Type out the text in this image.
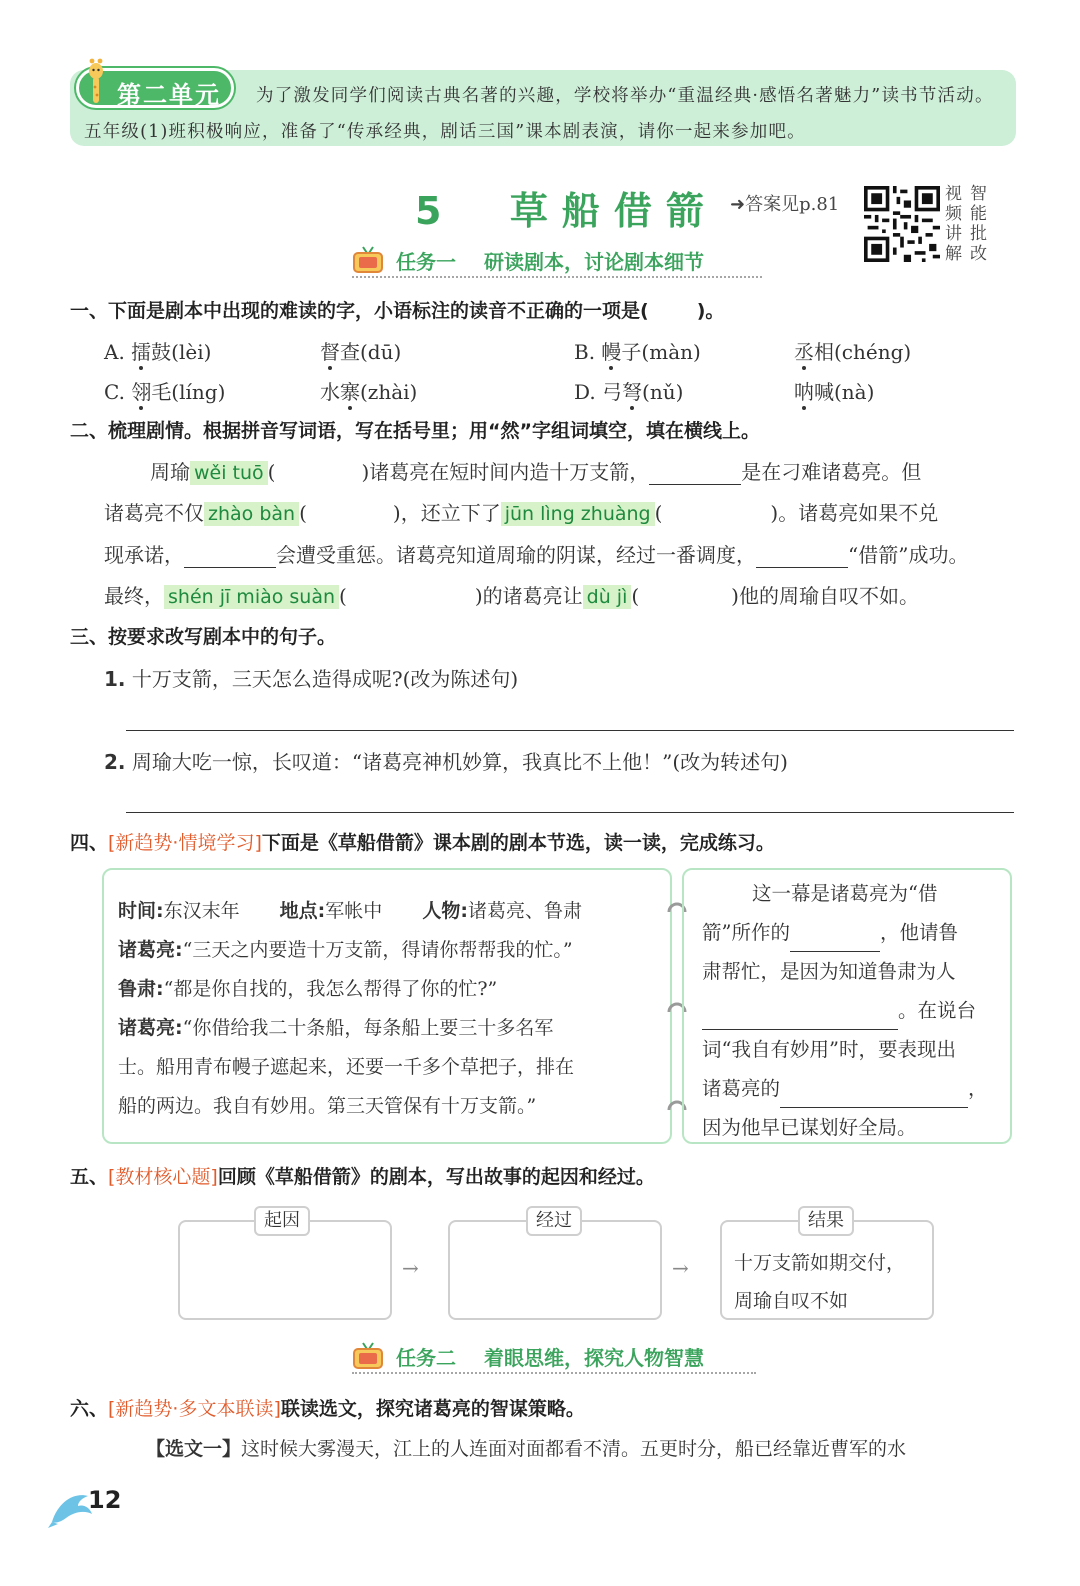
第二单元	为了激发同学们阅读古典名著的兴趣，学校将举办“重温经典·感悟名著魅力”读书节活动。五年级(1)班积极响应，准备了“传承经典，剧话三国”课本剧表演，请你一起来参加吧。
5 草船借箭 ➜答案见p.81	视 智
频 能
讲 批
解 改
任务一 研读剧本，讨论剧本细节
一、下面是剧本中出现的难读的字，小语标注的读音不正确的一项是(	)。
A. 擂鼓(lèi)	督查(dū)	B. 幔子(màn)	丞相(chéng)
C. 翎毛(líng)	水寨(zhài)	D. 弓弩(nǔ)	呐喊(nà)
二、梳理剧情。根据拼音写词语，写在括号里；用“然”字组词填空，填在横线上。
周瑜 wěi tuō (	)诸葛亮在短时间内造十万支箭，	是在刁难诸葛亮。但
诸葛亮不仅 zhào bàn (	)，还立下了 jūn lìng zhuàng (	)。诸葛亮如果不兑
现承诺，	会遭受重惩。诸葛亮知道周瑜的阴谋，经过一番调度，	“借箭”成功。
最终， shén jī miào suàn (	)的诸葛亮让 dù jì (	)他的周瑜自叹不如。
三、按要求改写剧本中的句子。
1. 十万支箭，三天怎么造得成呢?(改为陈述句)
2. 周瑜大吃一惊，长叹道：“诸葛亮神机妙算，我真比不上他！”(改为转述句)
四、[新趋势·情境学习]下面是《草船借箭》课本剧的剧本节选，读一读，完成练习。
时间:东汉末年 地点:军帐中 人物:诸葛亮、鲁肃
诸葛亮:“三天之内要造十万支箭，得请你帮帮我的忙。”
鲁肃:“都是你自找的，我怎么帮得了你的忙?”
诸葛亮:“你借给我二十条船，每条船上要三十多名军
士。船用青布幔子遮起来，还要一千多个草把子，排在
船的两边。我自有妙用。第三天管保有十万支箭。”
这一幕是诸葛亮为“借
箭”所作的	，他请鲁
肃帮忙，是因为知道鲁肃为人
。在说台
词“我自有妙用”时，要表现出
诸葛亮的	，
因为他早已谋划好全局。
五、[教材核心题]回顾《草船借箭》的剧本，写出故事的起因和经过。
起因
→
经过
→
结果
十万支箭如期交付，
周瑜自叹不如
任务二 着眼思维，探究人物智慧
六、[新趋势·多文本联读]联读选文，探究诸葛亮的智谋策略。
【选文一】这时候大雾漫天，江上的人连面对面都看不清。五更时分，船已经靠近曹军的水
12
